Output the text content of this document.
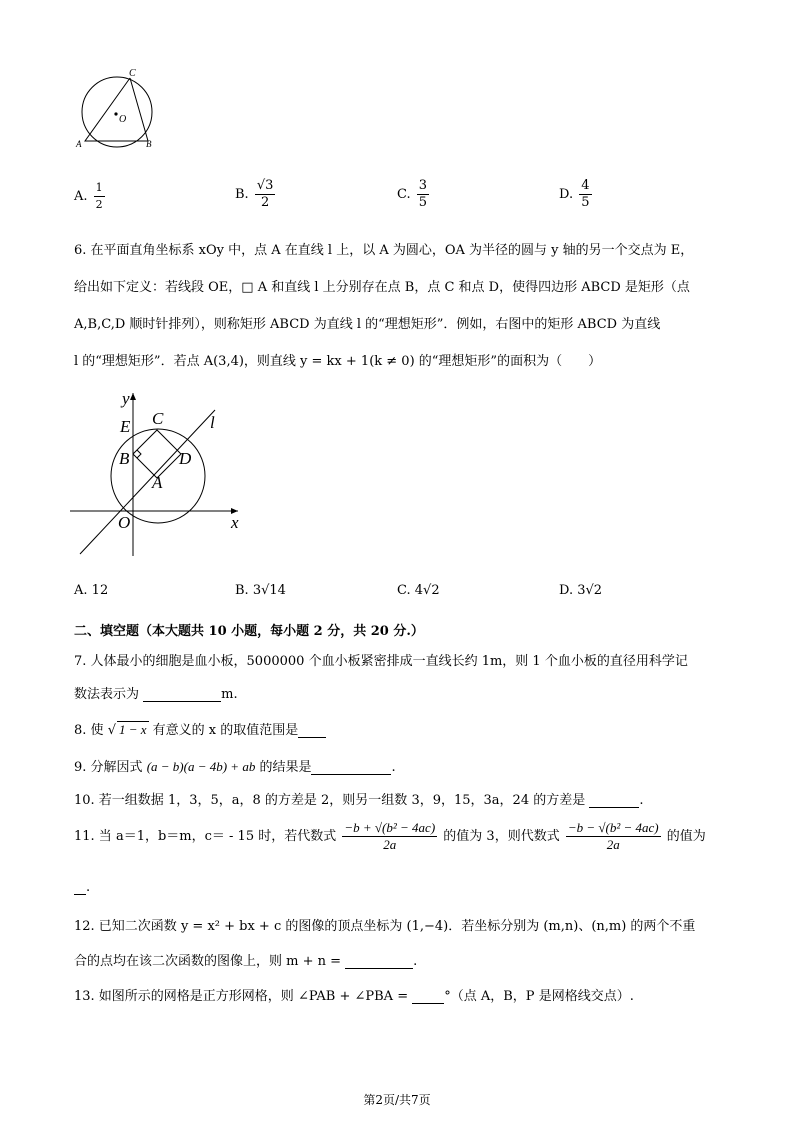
C
O
A	B
A. $\frac{1}{2}$	B. $\frac{√3}{2}$	C. $\frac{3}{5}$	D. $\frac{4}{5}$
6. 在平面直角坐标系 xOy 中，点 A 在直线 l 上，以 A 为圆心，OA 为半径的圆与 y 轴的另一个交点为 E，
给出如下定义：若线段 OE，□ A 和直线 l 上分别存在点 B，点 C 和点 D，使得四边形 ABCD 是矩形（点
A,B,C,D 顺时针排列），则称矩形 ABCD 为直线 l 的“理想矩形”．例如，右图中的矩形 ABCD 为直线
l 的“理想矩形”．若点 A(3,4)，则直线 y = kx + 1(k ≠ 0) 的“理想矩形”的面积为（　　）
y
C	l
E
B	D
A
O	x
A. 12	B. 3√14	C. 4√2	D. 3√2
二、填空题（本大题共 10 小题，每小题 2 分，共 20 分.）
7. 人体最小的细胞是血小板，5000000 个血小板紧密排成一直线长约 1m，则 1 个血小板的直径用科学记
数法表示为	m.
8. 使 √ 1 − x 有意义的 x 的取值范围是
9. 分解因式 (a − b)(a − 4b) + ab 的结果是	.
10. 若一组数据 1，3，5，a，8 的方差是 2，则另一组数 3，9，15，3a，24 的方差是	.
11. 当 a＝1，b＝m，c＝ - 15 时，若代数式 $\frac{\text{−b + √(b² − 4ac)}}{2a}$ 的值为 3，则代数式 $\frac{\text{−b − √(b² − 4ac)}}{2a}$ 的值为
.
12. 已知二次函数 y = x² + bx + c 的图像的顶点坐标为 (1,−4)．若坐标分别为 (m,n)、(n,m) 的两个不重
合的点均在该二次函数的图像上，则 m + n =	.
13. 如图所示的网格是正方形网格，则 ∠PAB + ∠PBA =	°（点 A，B，P 是网格线交点）.
第2页/共7页
